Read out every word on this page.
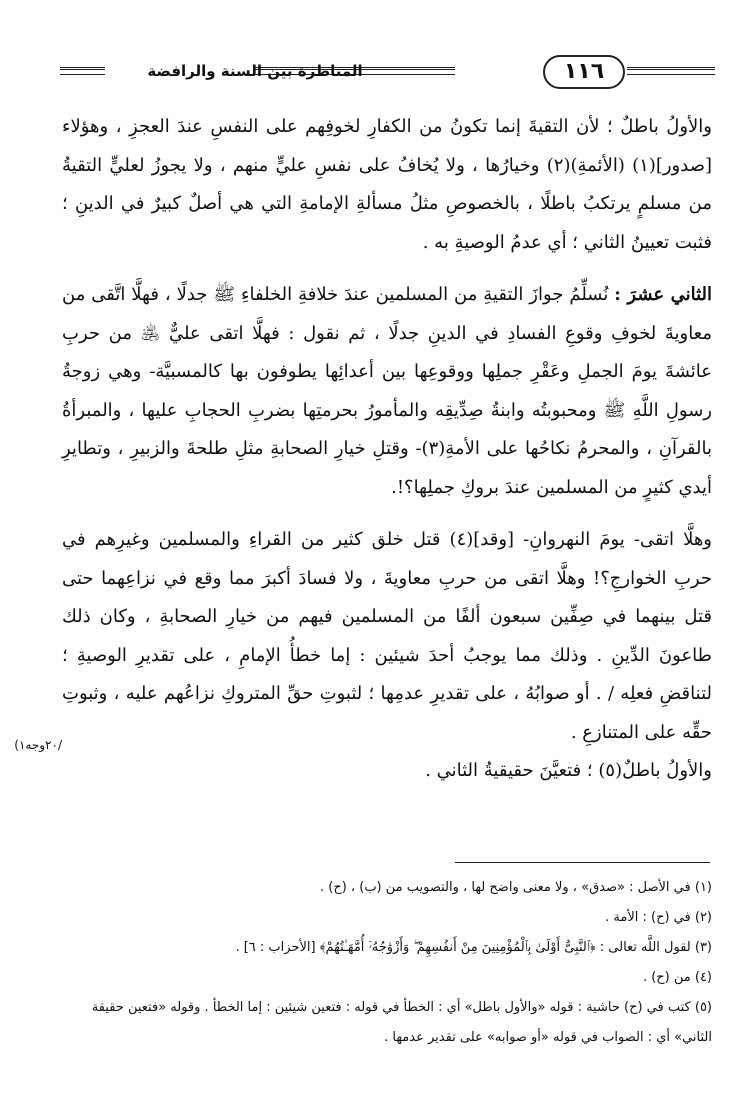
١١٦
المناظرة بين السنة والرافضة

والأولُ باطلٌ ؛ لأن التقيةَ إنما تكونُ من الكفارِ لخوفِهم على النفسِ عندَ العجزِ ، وهؤلاء [صدور](١) (الأئمةِ)(٢) وخيارُها ، ولا يُخافُ على نفسِ عليٍّ منهم ، ولا يجوزُ لعليٍّ التقيةُ من مسلمٍ يرتكبُ باطلًا ، بالخصوصِ مثلُ مسألةِ الإمامةِ التي هي أصلٌ كبيرٌ في الدينِ ؛ فثبت تعيينُ الثاني ؛ أي عدمُ الوصيةِ به .

الثاني عشرَ : نُسلِّمُ جوازَ التقيةِ من المسلمين عندَ خلافةِ الخلفاءِ ﷺ جدلًا ، فهلَّا اتَّقى من معاويةَ لخوفِ وقوعِ الفسادِ في الدينِ جدلًا ، ثم نقول : فهلَّا اتقى عليٌّ ﵁ من حربِ عائشةَ يومَ الجملِ وعَقْرِ جملِها ووقوعِها بين أعدائِها يطوفون بها كالمسبيَّة- وهي زوجةُ رسولِ اللَّهِ ﷺ ومحبوبتُه وابنةُ صِدِّيقِه والمأمورُ بحرمتِها بضربِ الحجابِ عليها ، والمبرأةُ بالقرآنِ ، والمحرمُ نكاحُها على الأمةِ(٣)- وقتلِ خيارِ الصحابةِ مثلِ طلحةَ والزبيرِ ، وتطايرِ أيدي كثيرٍ من المسلمين عندَ بروكِ جملِها؟!.

وهلَّا اتقى- يومَ النهروانِ- [وقد](٤) قتل خلق كثير من القراءِ والمسلمين وغيرِهم في حربِ الخوارجِ؟! وهلَّا اتقى من حربِ معاويةَ ، ولا فسادَ أكبرَ مما وقع في نزاعِهما حتى قتل بينهما في صِفِّين سبعون ألفًا من المسلمين فيهم من خيارِ الصحابةِ ، وكان ذلك طاعونَ الدِّينِ . وذلك مما يوجبُ أحدَ شيئين : إما خطأُ الإمامِ ، على تقديرِ الوصيةِ ؛ لتناقضِ فعلِه / . أو صوابُهُ ، على تقديرِ عدمِها ؛ لثبوتِ حقِّ المتروكِ نزاعُهم عليه ، وثبوتِ حقِّه على المتنازعِ .

والأولُ باطلٌ(٥) ؛ فتعيَّنَ حقيقيةُ الثاني .

/٢٠وجه١)
(١) في الأصل : «صدق» ، ولا معنى واضح لها ، والتصويب من (ب) ، (ح) .
(٢) في (ح) : الأمة .
(٣) لقول اللَّه تعالى : ﴿ٱلنَّبِىُّ أَوْلَىٰ بِٱلْمُؤْمِنِينَ مِنْ أَنفُسِهِمْ ۖ وَأَزْوَٰجُهُۥٓ أُمَّهَـٰتُهُمْ﴾ [الأحزاب : ٦] .
(٤) من (ح) .
(٥) كتب في (ح) حاشية : قوله «والأول باطل» أي : الخطأ في قوله : فتعين شيئين : إما الخطأ . وقوله «فتعين حقيقة الثاني» أي : الصواب في قوله «أو صوابه» على تقدير عدمها .
